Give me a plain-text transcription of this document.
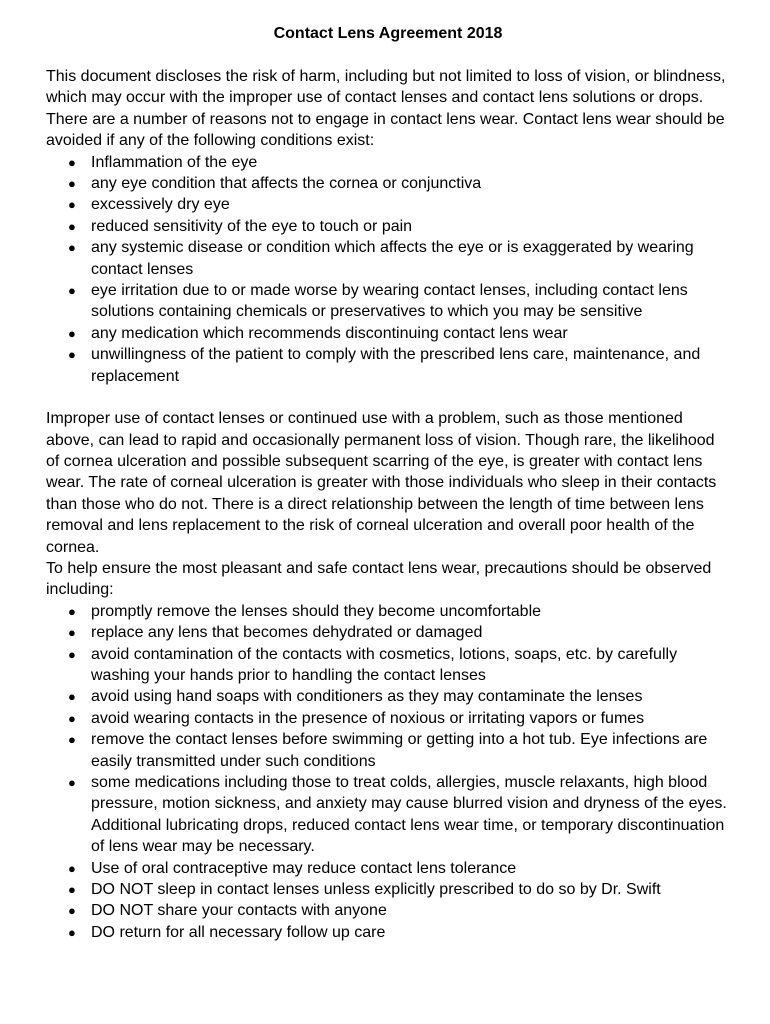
Contact Lens Agreement 2018

This document discloses the risk of harm, including but not limited to loss of vision, or blindness, which may occur with the improper use of contact lenses and contact lens solutions or drops. There are a number of reasons not to engage in contact lens wear. Contact lens wear should be avoided if any of the following conditions exist:

● Inflammation of the eye
● any eye condition that affects the cornea or conjunctiva
● excessively dry eye
● reduced sensitivity of the eye to touch or pain
● any systemic disease or condition which affects the eye or is exaggerated by wearing contact lenses
● eye irritation due to or made worse by wearing contact lenses, including contact lens solutions containing chemicals or preservatives to which you may be sensitive
● any medication which recommends discontinuing contact lens wear
● unwillingness of the patient to comply with the prescribed lens care, maintenance, and replacement

Improper use of contact lenses or continued use with a problem, such as those mentioned above, can lead to rapid and occasionally permanent loss of vision. Though rare, the likelihood of cornea ulceration and possible subsequent scarring of the eye, is greater with contact lens wear. The rate of corneal ulceration is greater with those individuals who sleep in their contacts than those who do not. There is a direct relationship between the length of time between lens removal and lens replacement to the risk of corneal ulceration and overall poor health of the cornea.

To help ensure the most pleasant and safe contact lens wear, precautions should be observed including:

● promptly remove the lenses should they become uncomfortable
● replace any lens that becomes dehydrated or damaged
● avoid contamination of the contacts with cosmetics, lotions, soaps, etc. by carefully washing your hands prior to handling the contact lenses
● avoid using hand soaps with conditioners as they may contaminate the lenses
● avoid wearing contacts in the presence of noxious or irritating vapors or fumes
● remove the contact lenses before swimming or getting into a hot tub. Eye infections are easily transmitted under such conditions
● some medications including those to treat colds, allergies, muscle relaxants, high blood pressure, motion sickness, and anxiety may cause blurred vision and dryness of the eyes. Additional lubricating drops, reduced contact lens wear time, or temporary discontinuation of lens wear may be necessary.
● Use of oral contraceptive may reduce contact lens tolerance
● DO NOT sleep in contact lenses unless explicitly prescribed to do so by Dr. Swift
● DO NOT share your contacts with anyone
● DO return for all necessary follow up care
